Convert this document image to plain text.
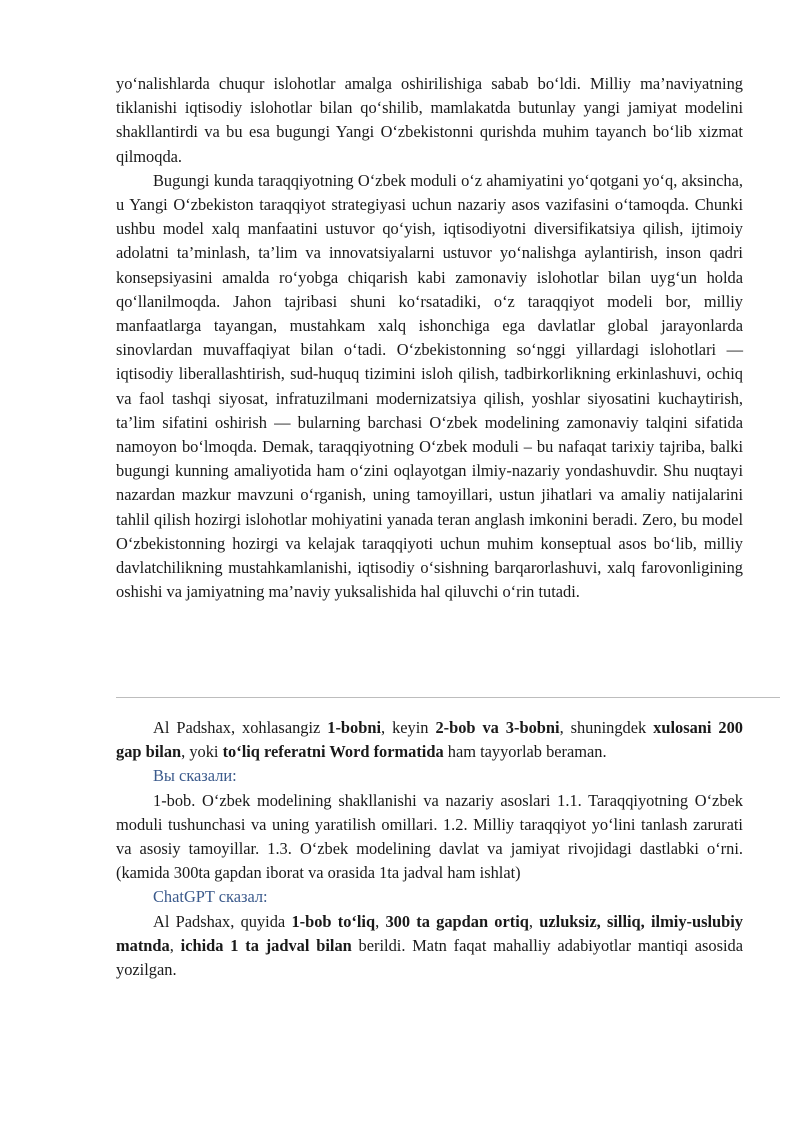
yo‘nalishlarda chuqur islohotlar amalga oshirilishiga sabab bo‘ldi. Milliy ma’naviyatning tiklanishi iqtisodiy islohotlar bilan qo‘shilib, mamlakatda butunlay yangi jamiyat modelini shakllantirdi va bu esa bugungi Yangi O‘zbekistonni qurishda muhim tayanch bo‘lib xizmat qilmoqda.

Bugungi kunda taraqqiyotning O‘zbek moduli o‘z ahamiyatini yo‘qotgani yo‘q, aksincha, u Yangi O‘zbekiston taraqqiyot strategiyasi uchun nazariy asos vazifasini o‘tamoqda. Chunki ushbu model xalq manfaatini ustuvor qo‘yish, iqtisodiyotni diversifikatsiya qilish, ijtimoiy adolatni ta’minlash, ta’lim va innovatsiyalarni ustuvor yo‘nalishga aylantirish, inson qadri konsepsiyasini amalda ro‘yobga chiqarish kabi zamonaviy islohotlar bilan uyg‘un holda qo‘llanilmoqda. Jahon tajribasi shuni ko‘rsatadiki, o‘z taraqqiyot modeli bor, milliy manfaatlarga tayangan, mustahkam xalq ishonchiga ega davlatlar global jarayonlarda sinovlardan muvaffaqiyat bilan o‘tadi. O‘zbekistonning so‘nggi yillardagi islohotlari — iqtisodiy liberallashtirish, sud-huquq tizimini isloh qilish, tadbirkorlikning erkinlashuvi, ochiq va faol tashqi siyosat, infratuzilmani modernizatsiya qilish, yoshlar siyosatini kuchaytirish, ta’lim sifatini oshirish — bularning barchasi O‘zbek modelining zamonaviy talqini sifatida namoyon bo‘lmoqda. Demak, taraqqiyotning O‘zbek moduli – bu nafaqat tarixiy tajriba, balki bugungi kunning amaliyotida ham o‘zini oqlayotgan ilmiy-nazariy yondashuvdir. Shu nuqtayi nazardan mazkur mavzuni o‘rganish, uning tamoyillari, ustun jihatlari va amaliy natijalarini tahlil qilish hozirgi islohotlar mohiyatini yanada teran anglash imkonini beradi. Zero, bu model O‘zbekistonning hozirgi va kelajak taraqqiyoti uchun muhim konseptual asos bo‘lib, milliy davlatchilikning mustahkamlanishi, iqtisodiy o‘sishning barqarorlashuvi, xalq farovonligining oshishi va jamiyatning ma’naviy yuksalishida hal qiluvchi o‘rin tutadi.

Al Padshax, xohlasangiz 1-bobni, keyin 2-bob va 3-bobni, shuningdek xulosani 200 gap bilan, yoki to‘liq referatni Word formatida ham tayyorlab beraman.

Вы сказали:

1-bob. O‘zbek modelining shakllanishi va nazariy asoslari 1.1. Taraqqiyotning O‘zbek moduli tushunchasi va uning yaratilish omillari. 1.2. Milliy taraqqiyot yo‘lini tanlash zarurati va asosiy tamoyillar. 1.3. O‘zbek modelining davlat va jamiyat rivojidagi dastlabki o‘rni. (kamida 300ta gapdan iborat va orasida 1ta jadval ham ishlat)

ChatGPT сказал:

Al Padshax, quyida 1-bob to‘liq, 300 ta gapdan ortiq, uzluksiz, silliq, ilmiy-uslubiy matnda, ichida 1 ta jadval bilan berildi. Matn faqat mahalliy adabiyotlar mantiqi asosida yozilgan.
